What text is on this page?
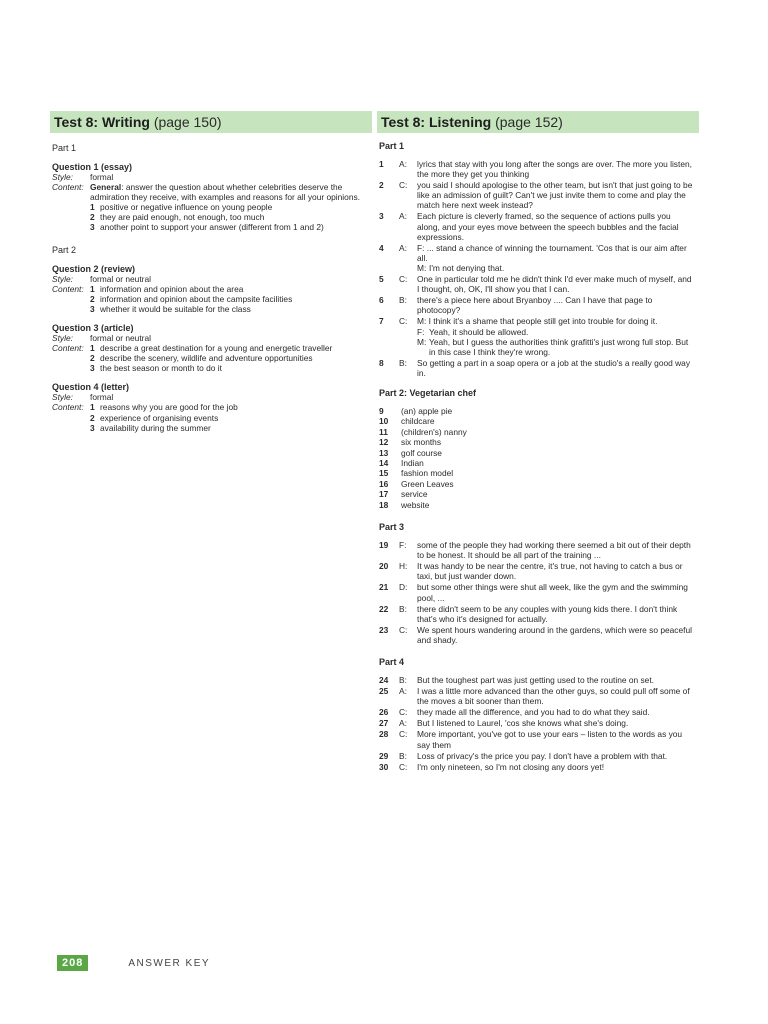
Test 8: Writing (page 150)
Part 1
Question 1 (essay)
Style:	formal
Content: General: answer the question about whether celebrities deserve the admiration they receive, with examples and reasons for all your opinions.
1 positive or negative influence on young people
2 they are paid enough, not enough, too much
3 another point to support your answer (different from 1 and 2)
Part 2
Question 2 (review)
Style:	formal or neutral
Content: 1 information and opinion about the area
2 information and opinion about the campsite facilities
3 whether it would be suitable for the class
Question 3 (article)
Style:	formal or neutral
Content: 1 describe a great destination for a young and energetic traveller
2 describe the scenery, wildlife and adventure opportunities
3 the best season or month to do it
Question 4 (letter)
Style:	formal
Content: 1 reasons why you are good for the job
2 experience of organising events
3 availability during the summer
Test 8: Listening (page 152)
Part 1
1	A:	lyrics that stay with you long after the songs are over. The more you listen, the more they get you thinking
2	C:	you said I should apologise to the other team, but isn't that just going to be like an admission of guilt? Can't we just invite them to come and play the match here next week instead?
3	A:	Each picture is cleverly framed, so the sequence of actions pulls you along, and your eyes move between the speech bubbles and the facial expressions.
4	A:	F: ... stand a chance of winning the tournament. 'Cos that is our aim after all.
M: I'm not denying that.
5	C:	One in particular told me he didn't think I'd ever make much of myself, and I thought, oh, OK, I'll show you that I can.
6	B:	there's a piece here about Bryanboy .... Can I have that page to photocopy?
7	C:	M: I think it's a shame that people still get into trouble for doing it.
F: Yeah, it should be allowed.
M: Yeah, but I guess the authorities think grafitti's just wrong full stop. But in this case I think they're wrong.
8	B:	So getting a part in a soap opera or a job at the studio's a really good way in.
Part 2: Vegetarian chef
9	(an) apple pie
10	childcare
11	(children's) nanny
12	six months
13	golf course
14	Indian
15	fashion model
16	Green Leaves
17	service
18	website
Part 3
19	F:	some of the people they had working there seemed a bit out of their depth to be honest. It should be all part of the training ...
20	H:	It was handy to be near the centre, it's true, not having to catch a bus or taxi, but just wander down.
21	D:	but some other things were shut all week, like the gym and the swimming pool, ...
22	B:	there didn't seem to be any couples with young kids there. I don't think that's who it's designed for actually.
23	C:	We spent hours wandering around in the gardens, which were so peaceful and shady.
Part 4
24	B:	But the toughest part was just getting used to the routine on set.
25	A:	I was a little more advanced than the other guys, so could pull off some of the moves a bit sooner than them.
26	C:	they made all the difference, and you had to do what they said.
27	A:	But I listened to Laurel, 'cos she knows what she's doing.
28	C:	More important, you've got to use your ears – listen to the words as you say them
29	B:	Loss of privacy's the price you pay. I don't have a problem with that.
30	C:	I'm only nineteen, so I'm not closing any doors yet!
208	ANSWER KEY
